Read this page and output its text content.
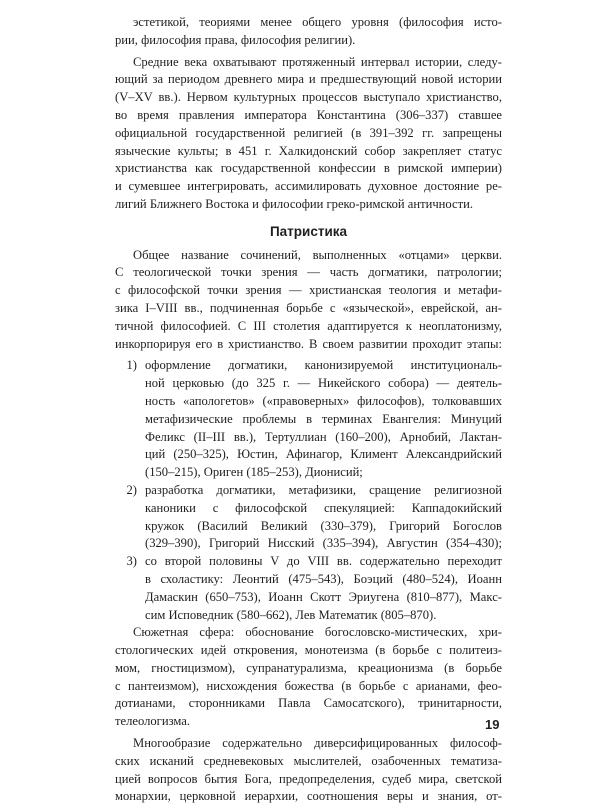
эстетикой, теориями менее общего уровня (философия исто-
рии, философия права, философия религии).
Средние века охватывают протяженный интервал истории, следу-
ющий за периодом древнего мира и предшествующий новой истории
(V–XV вв.). Нервом культурных процессов выступало христианство,
во время правления императора Константина (306–337) ставшее
официальной государственной религией (в 391–392 гг. запрещены
языческие культы; в 451 г. Халкидонский собор закрепляет статус
христианства как государственной конфессии в римской империи)
и сумевшее интегрировать, ассимилировать духовное достояние ре-
лигий Ближнего Востока и философии греко-римской античности.
Патристика
Общее название сочинений, выполненных «отцами» церкви.
С теологической точки зрения — часть догматики, патрологии;
с философской точки зрения — христианская теология и метафи-
зика I–VIII вв., подчиненная борьбе с «языческой», еврейской, ан-
тичной философией. С III столетия адаптируется к неоплатонизму,
инкорпорируя его в христианство. В своем развитии проходит этапы:
1) оформление догматики, канонизируемой институциональ-
ной церковью (до 325 г. — Никейского собора) — деятель-
ность «апологетов» («правоверных» философов), толковавших
метафизические проблемы в терминах Евангелия: Минуций
Феликс (II–III вв.), Тертуллиан (160–200), Арнобий, Лактан-
ций (250–325), Юстин, Афинагор, Климент Александрийский
(150–215), Ориген (185–253), Дионисий;
2) разработка догматики, метафизики, сращение религиозной
каноники с философской спекуляцией: Каппадокийский
кружок (Василий Великий (330–379), Григорий Богослов
(329–390), Григорий Нисский (335–394), Августин (354–430);
3) со второй половины V до VIII вв. содержательно переходит
в схоластику: Леонтий (475–543), Боэций (480–524), Иоанн
Дамаскин (650–753), Иоанн Скотт Эриугена (810–877), Макс-
сим Исповедник (580–662), Лев Математик (805–870).
Сюжетная сфера: обоснование богословско-мистических, хри-
стологических идей откровения, монотеизма (в борьбе с политеиз-
мом, гностицизмом), супранатурализма, креационизма (в борьбе
с пантеизмом), нисхождения божества (в борьбе с арианами, фео-
дотианами, сторонниками Павла Самосатского), тринитарности,
телеологизма.
Многообразие содержательно диверсифицированных философ-
ских исканий средневековых мыслителей, озабоченных тематиза-
цией вопросов бытия Бога, предопределения, судеб мира, светской
монархии, церковной иерархии, соотношения веры и знания, от-
19
